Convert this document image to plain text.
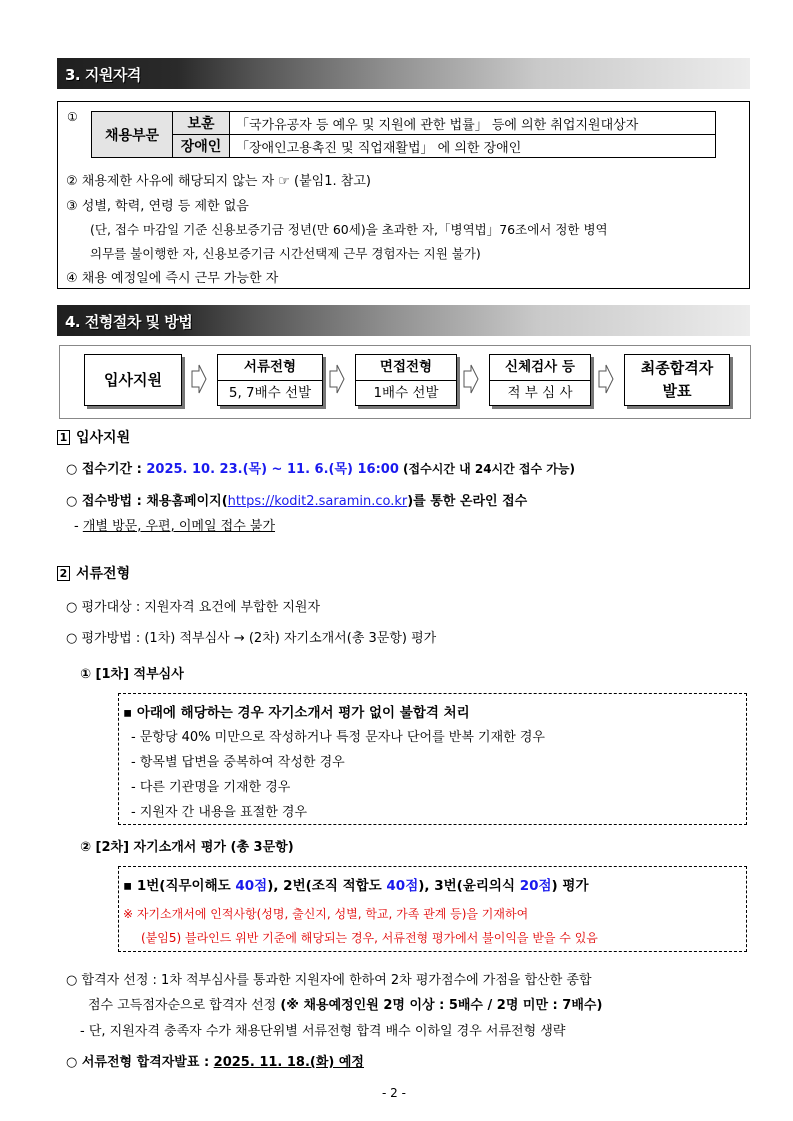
3. 지원자격
①
채용부문	보훈	「국가유공자 등 예우 및 지원에 관한 법률」 등에 의한 취업지원대상자
	장애인	「장애인고용촉진 및 직업재활법」 에 의한 장애인
② 채용제한 사유에 해당되지 않는 자 ☞ (붙임1. 참고)
③ 성별, 학력, 연령 등 제한 없음
(단, 접수 마감일 기준 신용보증기금 정년(만 60세)을 초과한 자,「병역법」76조에서 정한 병역
의무를 불이행한 자, 신용보증기금 시간선택제 근무 경험자는 지원 불가)
④ 채용 예정일에 즉시 근무 가능한 자
4. 전형절차 및 방법
입사지원
서류전형
5, 7배수 선발
면접전형
1배수 선발
신체검사 등
적 부 심 사
최종합격자
발표
1 입사지원
○ 접수기간 : 2025. 10. 23.(목) ~ 11. 6.(목) 16:00 (접수시간 내 24시간 접수 가능)
○ 접수방법 : 채용홈페이지(https://kodit2.saramin.co.kr)를 통한 온라인 접수
- 개별 방문, 우편, 이메일 접수 불가
2 서류전형
○ 평가대상 : 지원자격 요건에 부합한 지원자
○ 평가방법 : (1차) 적부심사 → (2차) 자기소개서(총 3문항) 평가
① [1차] 적부심사
▪ 아래에 해당하는 경우 자기소개서 평가 없이 불합격 처리
- 문항당 40% 미만으로 작성하거나 특정 문자나 단어를 반복 기재한 경우
- 항목별 답변을 중복하여 작성한 경우
- 다른 기관명을 기재한 경우
- 지원자 간 내용을 표절한 경우
② [2차] 자기소개서 평가 (총 3문항)
▪ 1번(직무이해도 40점), 2번(조직 적합도 40점), 3번(윤리의식 20점) 평가
※ 자기소개서에 인적사항(성명, 출신지, 성별, 학교, 가족 관계 등)을 기재하여
(붙임5) 블라인드 위반 기준에 해당되는 경우, 서류전형 평가에서 불이익을 받을 수 있음
○ 합격자 선정 : 1차 적부심사를 통과한 지원자에 한하여 2차 평가점수에 가점을 합산한 종합
점수 고득점자순으로 합격자 선정 (※ 채용예정인원 2명 이상 : 5배수 / 2명 미만 : 7배수)
- 단, 지원자격 충족자 수가 채용단위별 서류전형 합격 배수 이하일 경우 서류전형 생략
○ 서류전형 합격자발표 : 2025. 11. 18.(화) 예정
- 2 -
